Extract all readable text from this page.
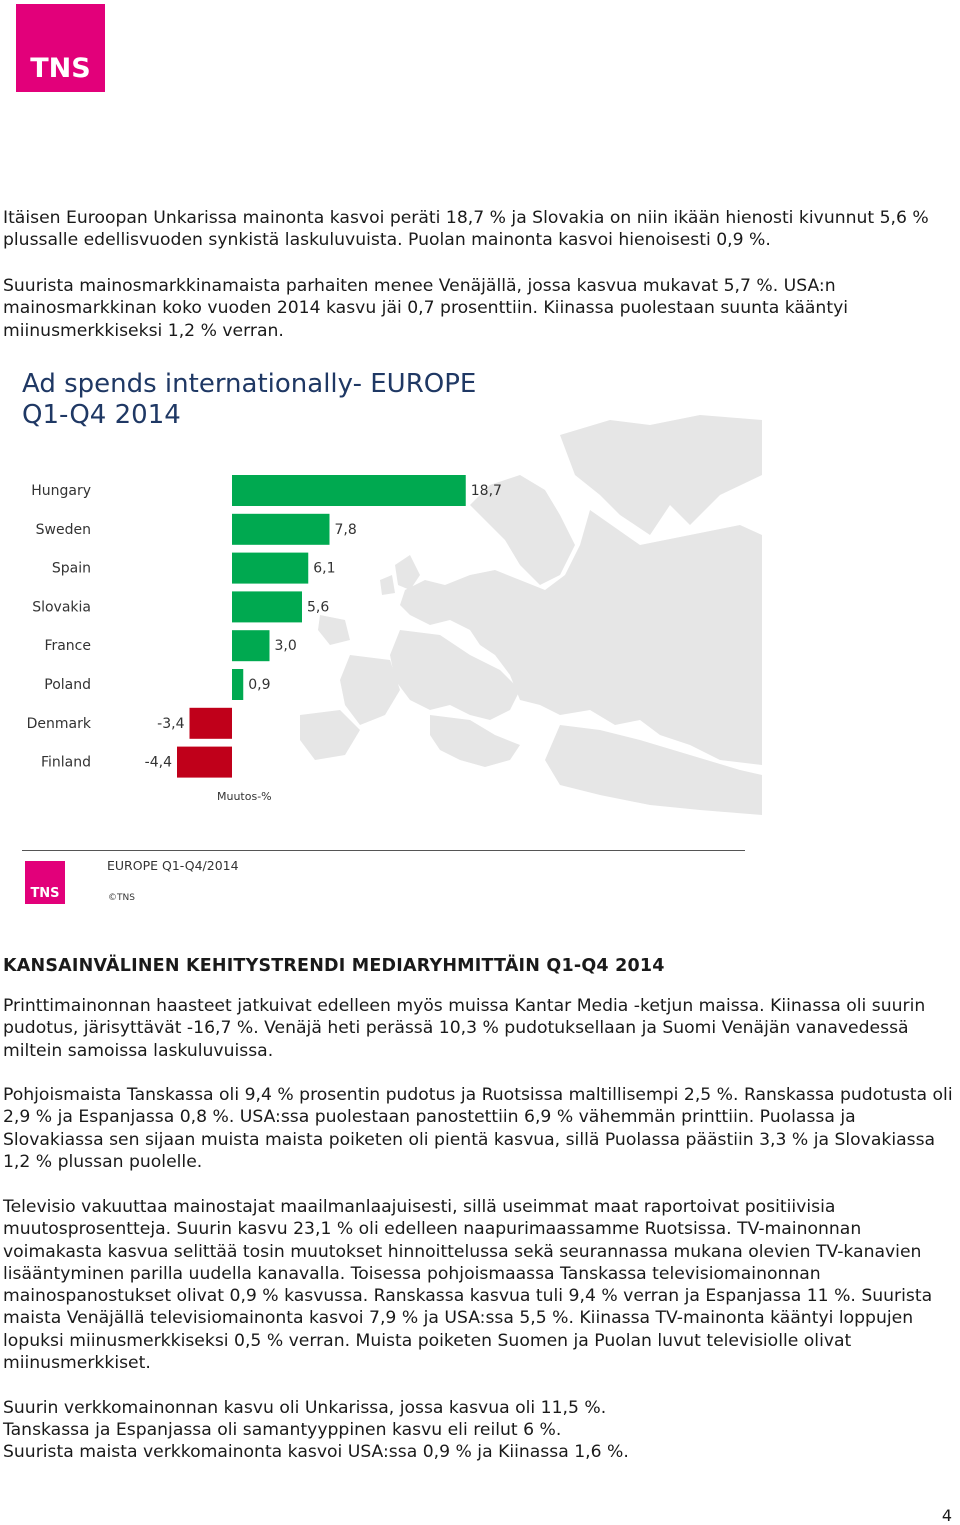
TNS

Itäisen Euroopan Unkarissa mainonta kasvoi peräti 18,7 % ja Slovakia on niin ikään hienosti kivunnut 5,6 % plussalle edellisvuoden synkistä laskuluvuista. Puolan mainonta kasvoi hienoisesti 0,9 %.

Suurista mainosmarkkinamaista parhaiten menee Venäjällä, jossa kasvua mukavat 5,7 %. USA:n mainosmarkkinan koko vuoden 2014 kasvu jäi 0,7 prosenttiin. Kiinassa puolestaan suunta kääntyi miinusmerkkiseksi 1,2 % verran.

Ad spends internationally- EUROPE
Q1-Q4 2014
Hungary	18,7
Sweden	7,8
Spain	6,1
Slovakia	5,6
France	3,0
Poland	0,9
Denmark	-3,4
Finland	-4,4
Muutos-%
TNS
EUROPE Q1-Q4/2014
©TNS

KANSAINVÄLINEN KEHITYSTRENDI MEDIARYHMITTÄIN Q1-Q4 2014

Printtimainonnan haasteet jatkuivat edelleen myös muissa Kantar Media -ketjun maissa. Kiinassa oli suurin pudotus, järisyttävät -16,7 %. Venäjä heti perässä 10,3 % pudotuksellaan ja Suomi Venäjän vanavedessä miltein samoissa laskuluvuissa.

Pohjoismaista Tanskassa oli 9,4 % prosentin pudotus ja Ruotsissa maltillisempi 2,5 %. Ranskassa pudotusta oli 2,9 % ja Espanjassa 0,8 %. USA:ssa puolestaan panostettiin 6,9 % vähemmän printtiin. Puolassa ja Slovakiassa sen sijaan muista maista poiketen oli pientä kasvua, sillä Puolassa päästiin 3,3 % ja Slovakiassa 1,2 % plussan puolelle.

Televisio vakuuttaa mainostajat maailmanlaajuisesti, sillä useimmat maat raportoivat positiivisia muutosprosentteja. Suurin kasvu 23,1 % oli edelleen naapurimaassamme Ruotsissa. TV-mainonnan voimakasta kasvua selittää tosin muutokset hinnoittelussa sekä seurannassa mukana olevien TV-kanavien lisääntyminen parilla uudella kanavalla. Toisessa pohjoismaassa Tanskassa televisiomainonnan mainospanostukset olivat 0,9 % kasvussa. Ranskassa kasvua tuli 9,4 % verran ja Espanjassa 11 %. Suurista maista Venäjällä televisiomainonta kasvoi 7,9 % ja USA:ssa 5,5 %. Kiinassa TV-mainonta kääntyi loppujen lopuksi miinusmerkkiseksi 0,5 % verran. Muista poiketen Suomen ja Puolan luvut televisiolle olivat miinusmerkkiset.

Suurin verkkomainonnan kasvu oli Unkarissa, jossa kasvua oli 11,5 %.

Tanskassa ja Espanjassa oli samantyyppinen kasvu eli reilut 6 %.

Suurista maista verkkomainonta kasvoi USA:ssa 0,9 % ja Kiinassa 1,6 %.

4
